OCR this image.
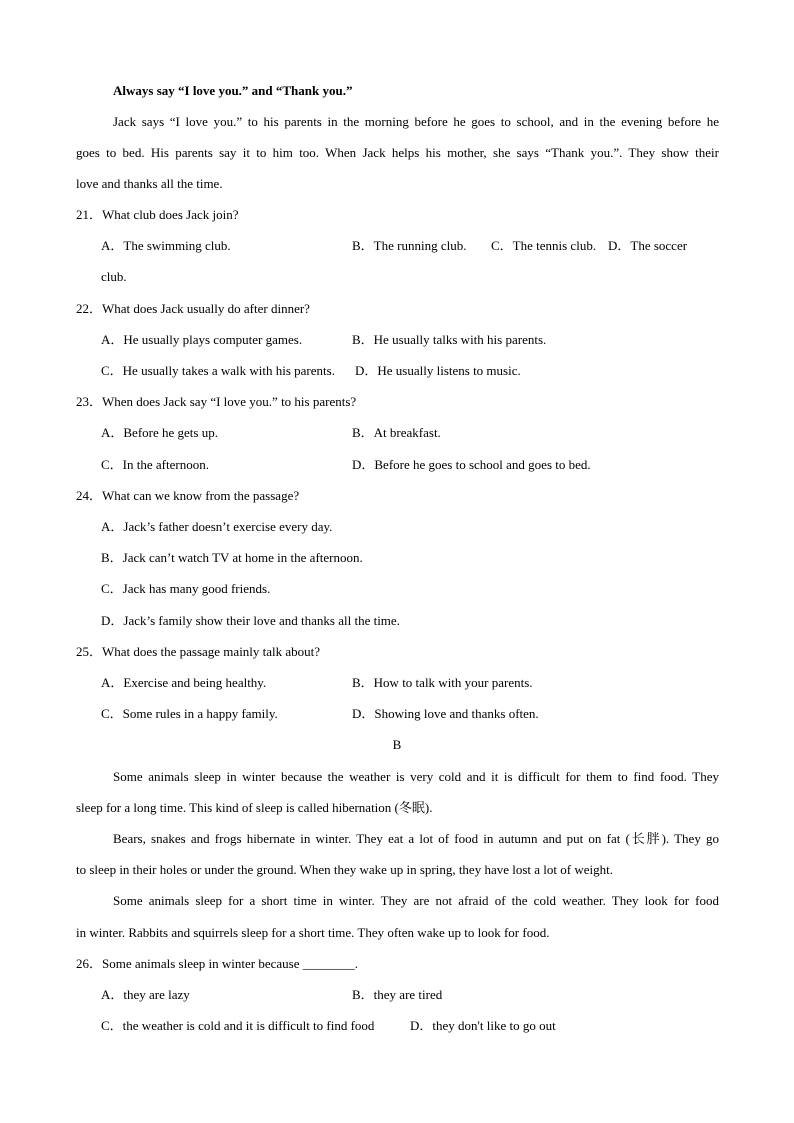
Always say “I love you.” and “Thank you.”
Jack says “I love you.” to his parents in the morning before he goes to school, and in the evening before he
goes to bed. His parents say it to him too. When Jack helps his mother, she says “Thank you.”. They show their
love and thanks all the time.
21．What club does Jack join?
A．The swimming club.	B．The running club. C．The tennis club. D．The soccer
club.
22．What does Jack usually do after dinner?
A．He usually plays computer games.	B．He usually talks with his parents.
C．He usually takes a walk with his parents. D．He usually listens to music.
23．When does Jack say “I love you.” to his parents?
A．Before he gets up.	B．At breakfast.
C．In the afternoon.	D．Before he goes to school and goes to bed.
24．What can we know from the passage?
A．Jack’s father doesn’t exercise every day.
B．Jack can’t watch TV at home in the afternoon.
C．Jack has many good friends.
D．Jack’s family show their love and thanks all the time.
25．What does the passage mainly talk about?
A．Exercise and being healthy.	B．How to talk with your parents.
C．Some rules in a happy family.	D．Showing love and thanks often.
B
Some animals sleep in winter because the weather is very cold and it is difficult for them to find food. They
sleep for a long time. This kind of sleep is called hibernation (冬眠).
Bears, snakes and frogs hibernate in winter. They eat a lot of food in autumn and put on fat (长胖). They go
to sleep in their holes or under the ground. When they wake up in spring, they have lost a lot of weight.
Some animals sleep for a short time in winter. They are not afraid of the cold weather. They look for food
in winter. Rabbits and squirrels sleep for a short time. They often wake up to look for food.
26．Some animals sleep in winter because ________.
A．they are lazy	B．they are tired
C．the weather is cold and it is difficult to find food	D．they don't like to go out
